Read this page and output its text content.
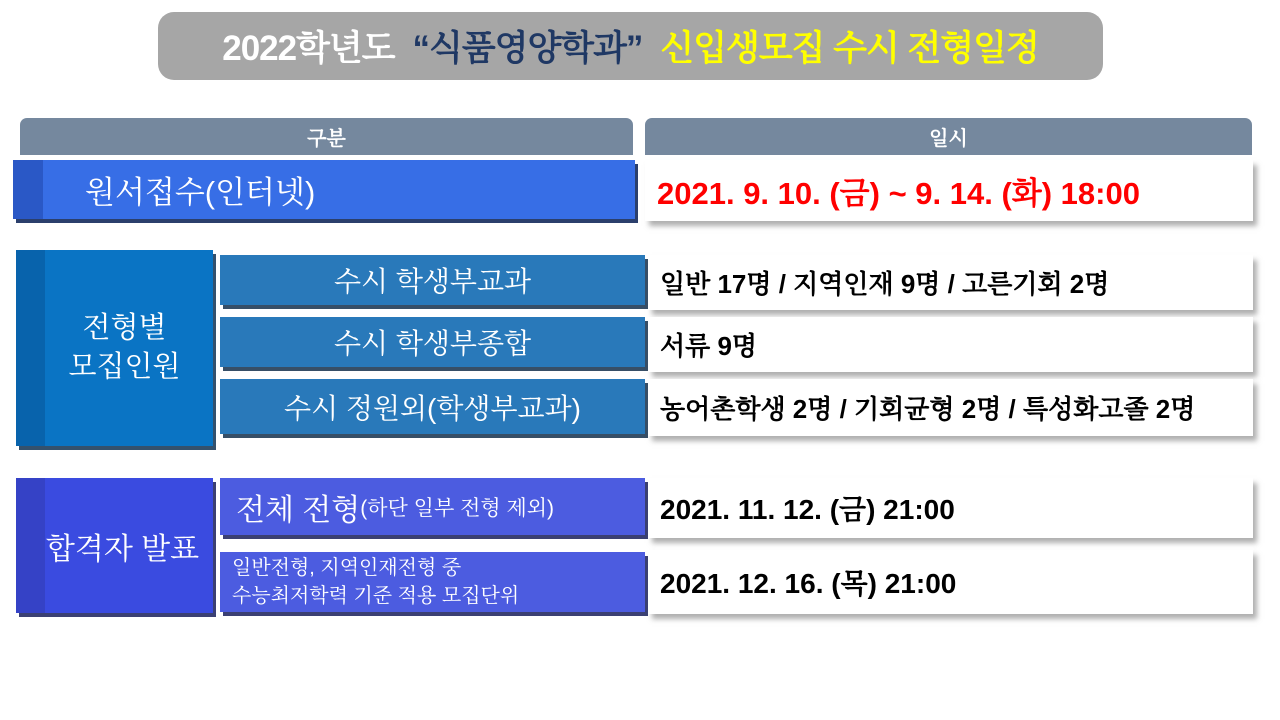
2022학년도 “식품영양학과” 신입생모집 수시 전형일정
구분	일시
원서접수(인터넷)	2021. 9. 10. (금) ~ 9. 14. (화) 18:00
전형별
모집인원
수시 학생부교과
수시 학생부종합
수시 정원외(학생부교과)
일반 17명 / 지역인재 9명 / 고른기회 2명
서류 9명
농어촌학생 2명 / 기회균형 2명 / 특성화고졸 2명
합격자 발표
전체 전형 (하단 일부 전형 제외)
일반전형, 지역인재전형 중
수능최저학력 기준 적용 모집단위
2021. 11. 12. (금) 21:00
2021. 12. 16. (목) 21:00
